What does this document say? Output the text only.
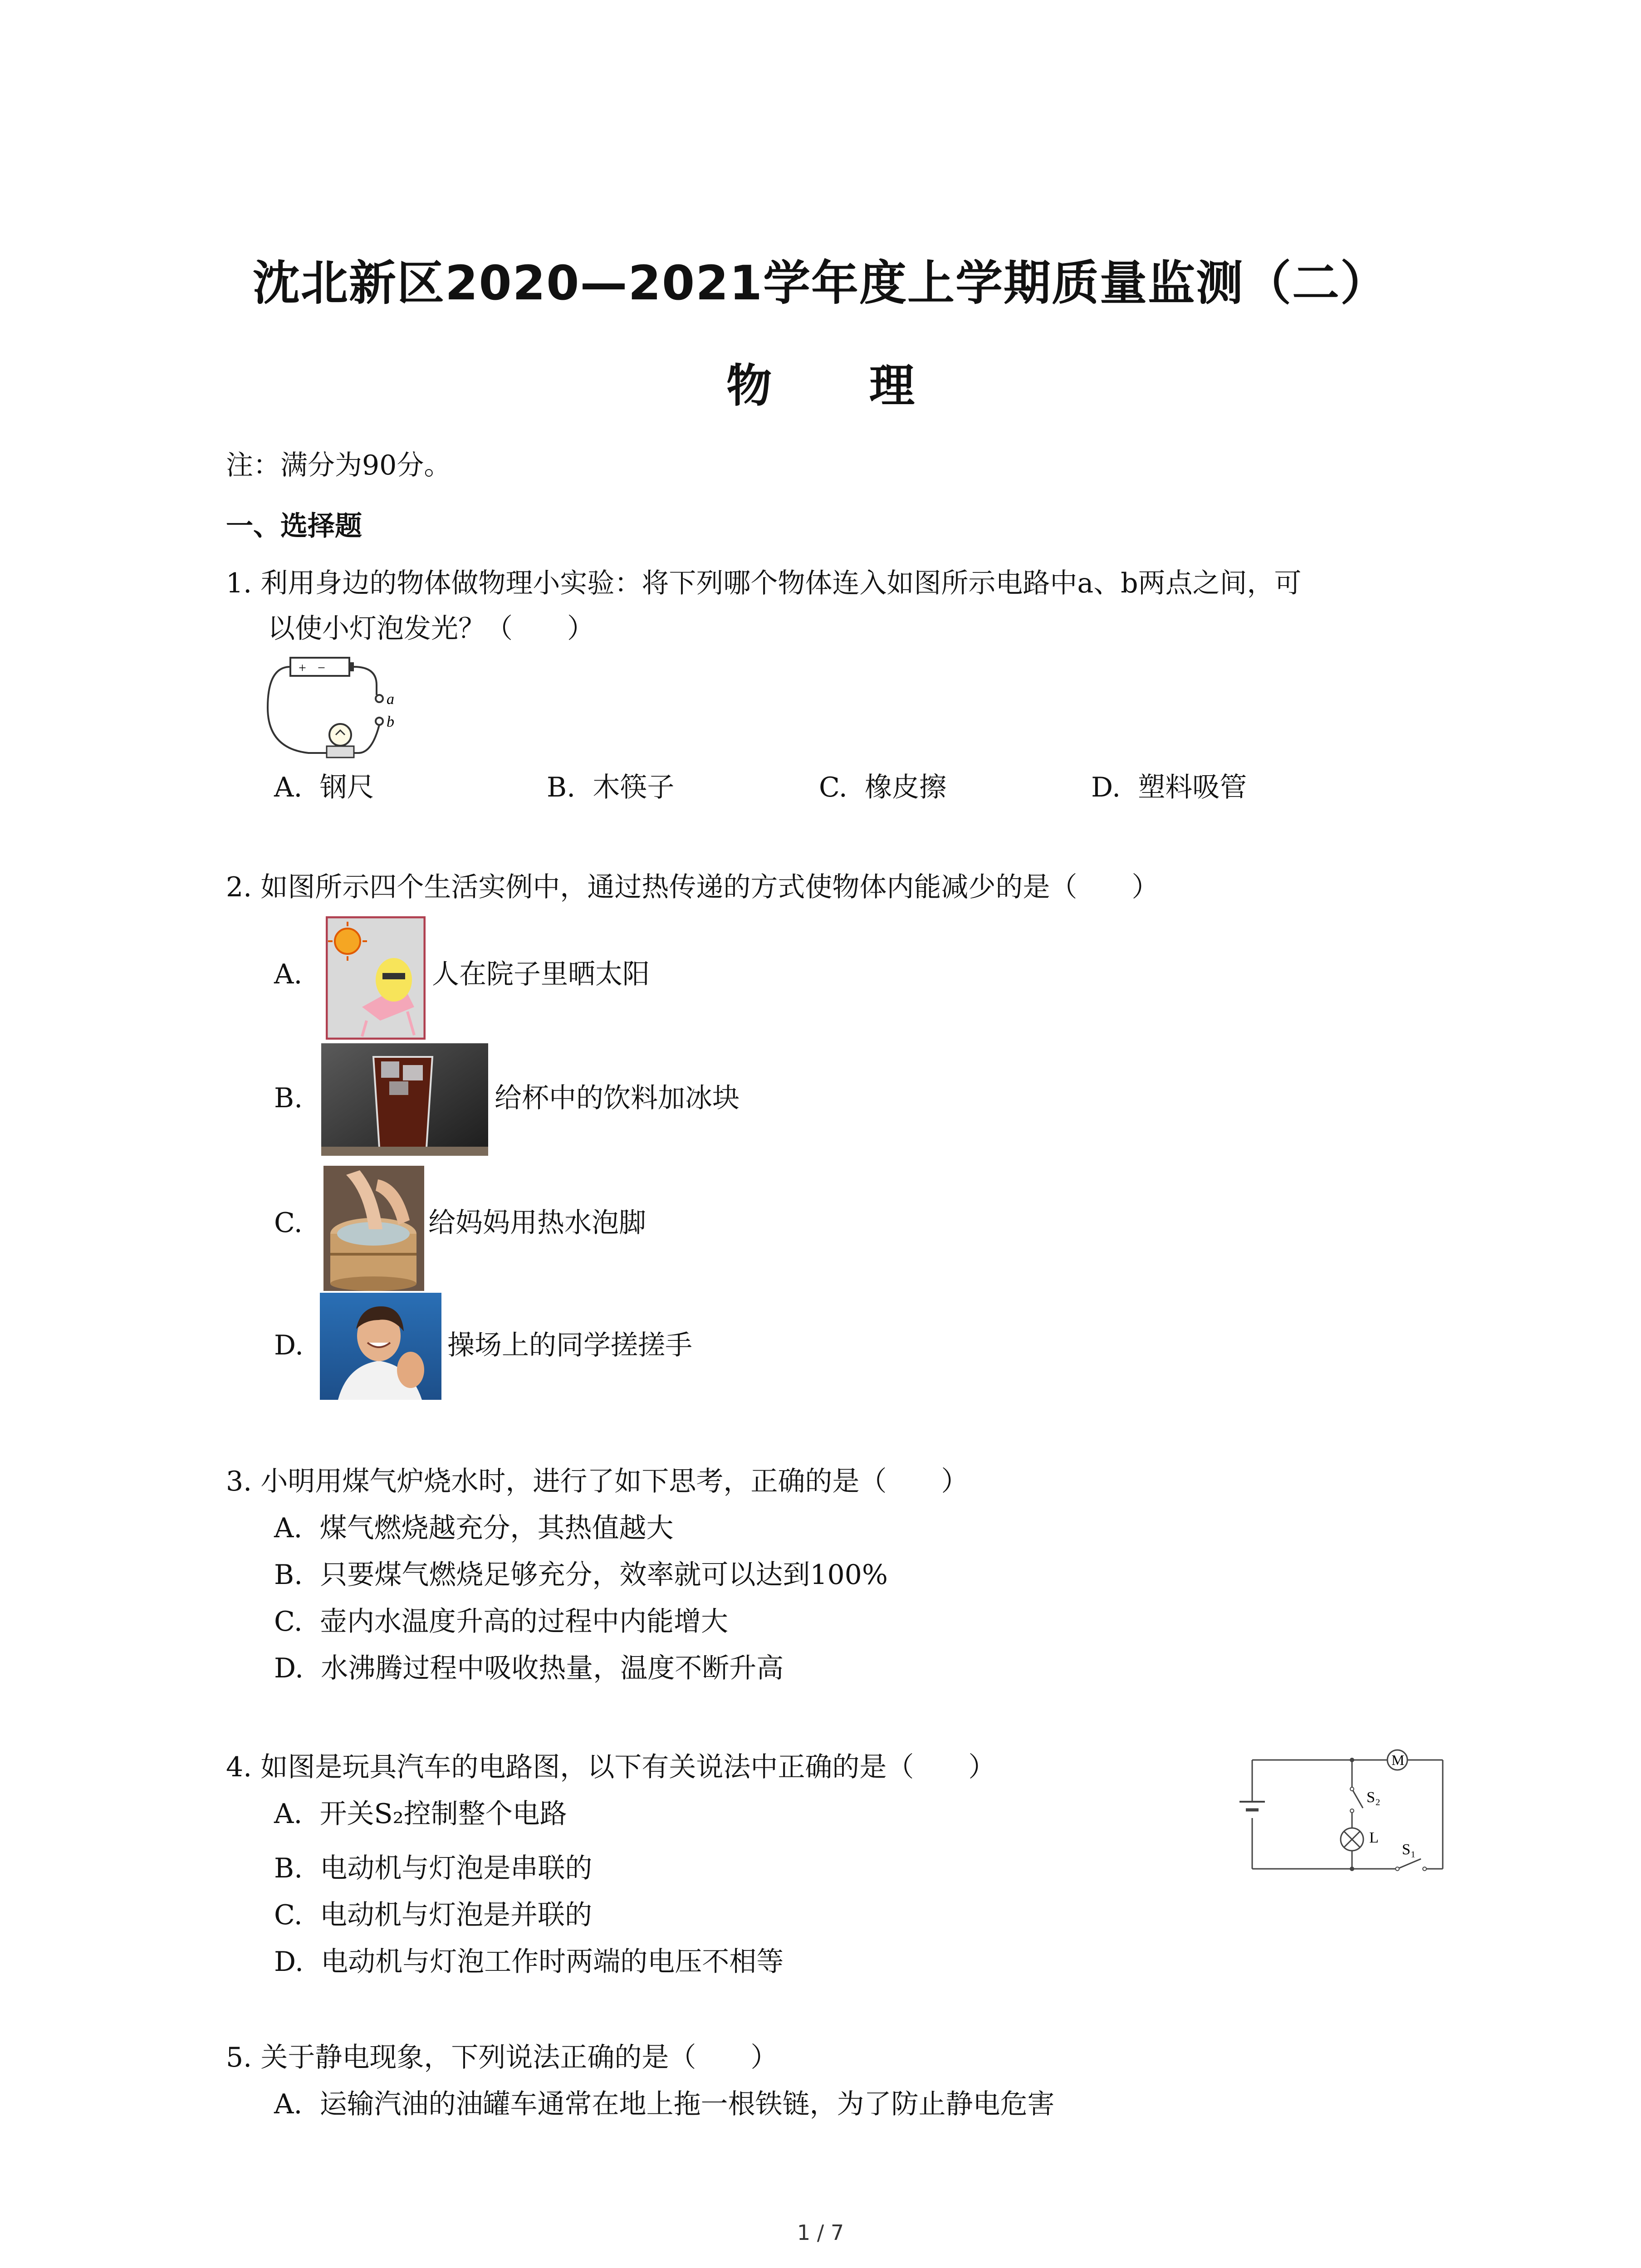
沈北新区2020—2021学年度上学期质量监测（二）
物 理
注：满分为90分。
一、选择题
1. 利用身边的物体做物理小实验：将下列哪个物体连入如图所示电路中a、b两点之间，可
以使小灯泡发光？（　　）
+ −
a
b
A. 钢尺	B. 木筷子	C. 橡皮擦	D. 塑料吸管
2. 如图所示四个生活实例中，通过热传递的方式使物体内能减少的是（　　）
A.	人在院子里晒太阳
B.	给杯中的饮料加冰块
C.	给妈妈用热水泡脚
D.	操场上的同学搓搓手
3. 小明用煤气炉烧水时，进行了如下思考，正确的是（　　）
A. 煤气燃烧越充分，其热值越大
B. 只要煤气燃烧足够充分，效率就可以达到100%
C. 壶内水温度升高的过程中内能增大
D. 水沸腾过程中吸收热量，温度不断升高
4. 如图是玩具汽车的电路图，以下有关说法中正确的是（　　）
A. 开关S₂控制整个电路
B. 电动机与灯泡是串联的
C. 电动机与灯泡是并联的
D. 电动机与灯泡工作时两端的电压不相等
M
S₂
L
S₁
5. 关于静电现象，下列说法正确的是（　　）
A. 运输汽油的油罐车通常在地上拖一根铁链，为了防止静电危害
1 / 7
